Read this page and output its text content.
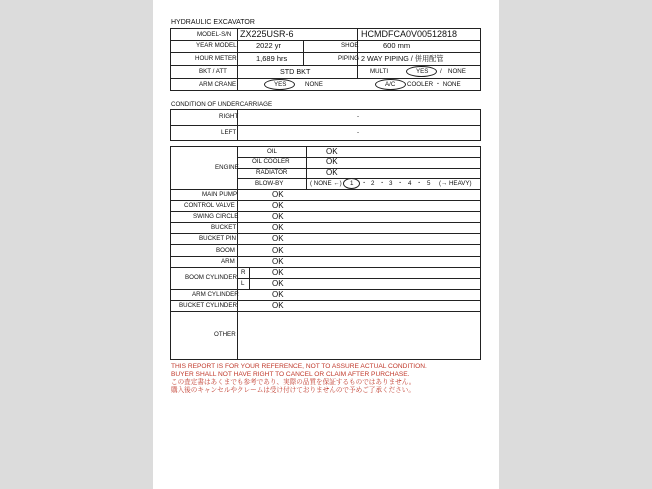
HYDRAULIC EXCAVATOR
MODEL-S/N ZX225USR-6	HCMDFCA0V00512818
YEAR MODEL	2022 yr	SHOE	600 mm
HOUR METER	1,689 hrs	PIPING 2 WAY PIPING / 併用配管
BKT / ATT	STD BKT	MULTI	YES / NONE
ARM CRANE	YES	NONE	A/C COOLER ・ NONE
CONDITION OF UNDERCARRIAGE
RIGHT	-
LEFT	-
ENGINE
OIL	OK
OIL COOLER	OK
RADIATOR	OK
BLOW-BY	( NONE ←) 1 ・ 2 ・ 3 ・ 4 ・ 5 (→ HEAVY)
MAIN PUMP	OK
CONTROL VALVE	OK
SWING CIRCLE	OK
BUCKET	OK
BUCKET PIN	OK
BOOM	OK
ARM	OK
BOOM CYLINDER
R	OK
L	OK
ARM CYLINDER	OK
BUCKET CYLINDER	OK
OTHER
THIS REPORT IS FOR YOUR REFERENCE, NOT TO ASSURE ACTUAL CONDITION.
BUYER SHALL NOT HAVE RIGHT TO CANCEL OR CLAIM AFTER PURCHASE.
この査定書はあくまでも参考であり、実際の品質を保証するものではありません。
購入後のキャンセルやクレームは受け付けておりませんので予めご了承ください。
